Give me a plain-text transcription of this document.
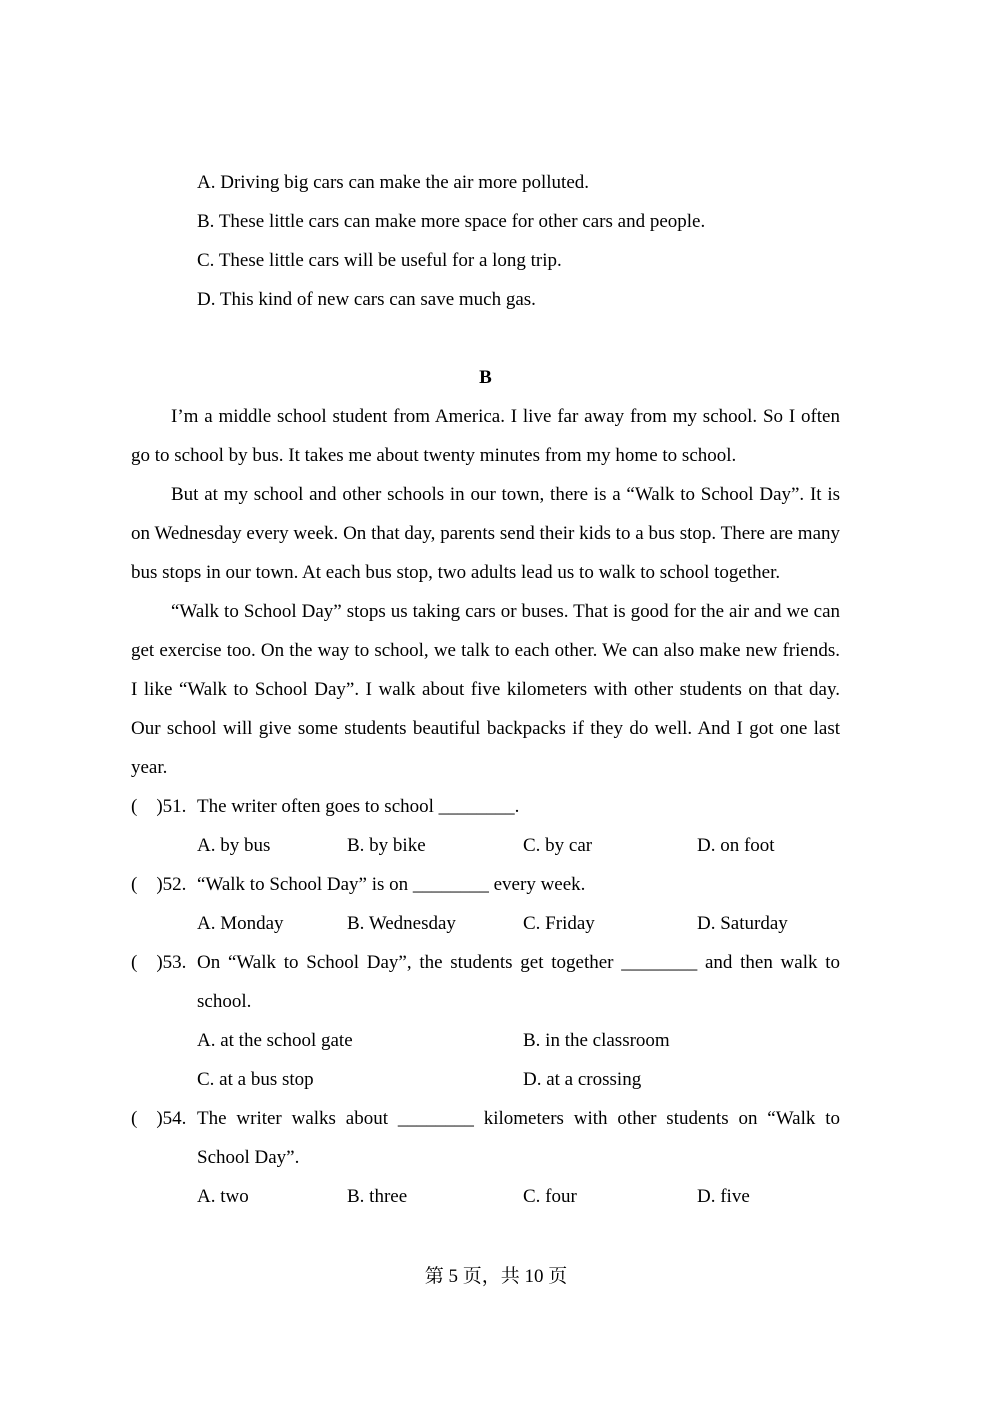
A. Driving big cars can make the air more polluted.
B. These little cars can make more space for other cars and people.
C. These little cars will be useful for a long trip.
D. This kind of new cars can save much gas.
B

I’m a middle school student from America. I live far away from my school. So I often go to school by bus. It takes me about twenty minutes from my home to school.

But at my school and other schools in our town, there is a “Walk to School Day”. It is on Wednesday every week. On that day, parents send their kids to a bus stop. There are many bus stops in our town. At each bus stop, two adults lead us to walk to school together.

“Walk to School Day” stops us taking cars or buses. That is good for the air and we can get exercise too. On the way to school, we talk to each other. We can also make new friends. I like “Walk to School Day”. I walk about five kilometers with other students on that day. Our school will give some students beautiful backpacks if they do well. And I got one last year.

(    )51. The writer often goes to school ________.
A. by bus	B. by bike	C. by car	D. on foot
(    )52. “Walk to School Day” is on ________ every week.
A. Monday	B. Wednesday	C. Friday	D. Saturday
(    )53. On “Walk to School Day”, the students get together ________ and then walk to school.
A. at the school gate	B. in the classroom
C. at a bus stop	D. at a crossing
(    )54. The writer walks about ________ kilometers with other students on “Walk to School Day”.
A. two	B. three	C. four	D. five
第 5 页，共 10 页
